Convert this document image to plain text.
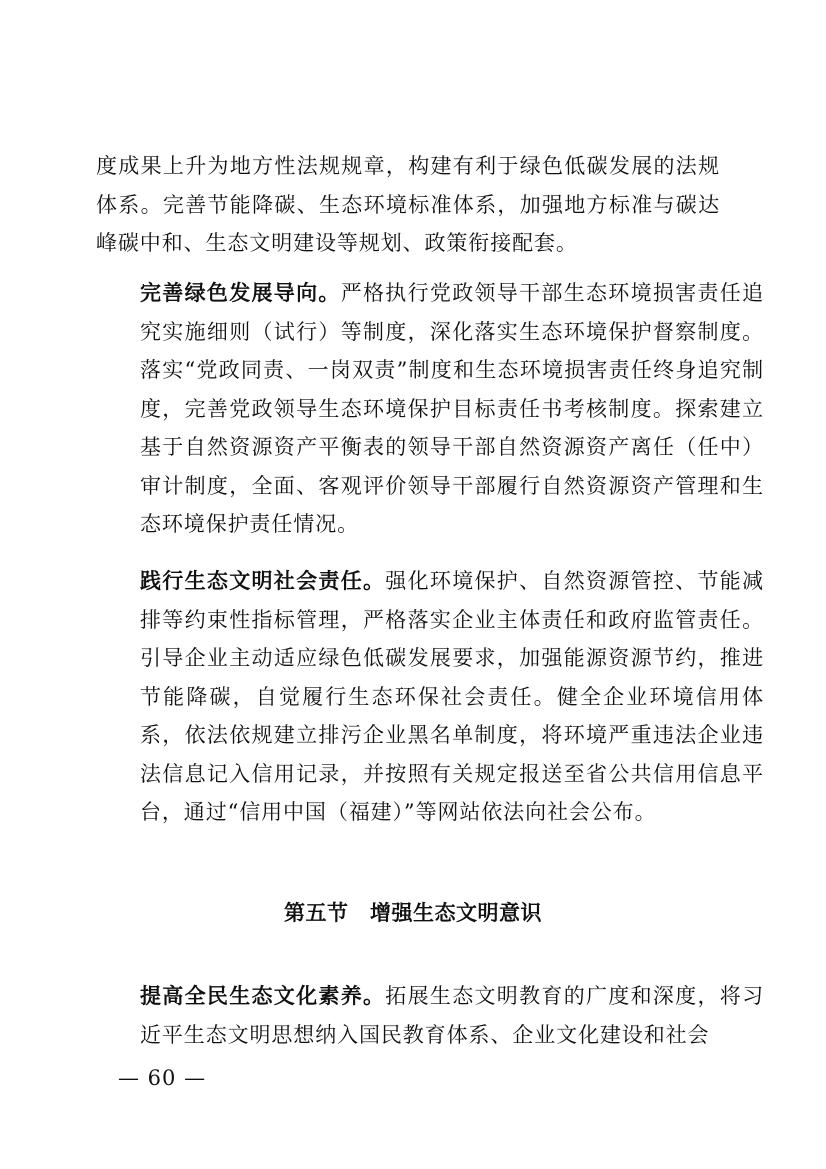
度成果上升为地方性法规规章，构建有利于绿色低碳发展的法规体系。完善节能降碳、生态环境标准体系，加强地方标准与碳达峰碳中和、生态文明建设等规划、政策衔接配套。

完善绿色发展导向。严格执行党政领导干部生态环境损害责任追究实施细则（试行）等制度，深化落实生态环境保护督察制度。落实“党政同责、一岗双责”制度和生态环境损害责任终身追究制度，完善党政领导生态环境保护目标责任书考核制度。探索建立基于自然资源资产平衡表的领导干部自然资源资产离任（任中）审计制度，全面、客观评价领导干部履行自然资源资产管理和生态环境保护责任情况。

践行生态文明社会责任。强化环境保护、自然资源管控、节能减排等约束性指标管理，严格落实企业主体责任和政府监管责任。引导企业主动适应绿色低碳发展要求，加强能源资源节约，推进节能降碳，自觉履行生态环保社会责任。健全企业环境信用体系，依法依规建立排污企业黑名单制度，将环境严重违法企业违法信息记入信用记录，并按照有关规定报送至省公共信用信息平台，通过“信用中国（福建）”等网站依法向社会公布。

第五节　增强生态文明意识

提高全民生态文化素养。拓展生态文明教育的广度和深度，将习近平生态文明思想纳入国民教育体系、企业文化建设和社会

— 60 —
